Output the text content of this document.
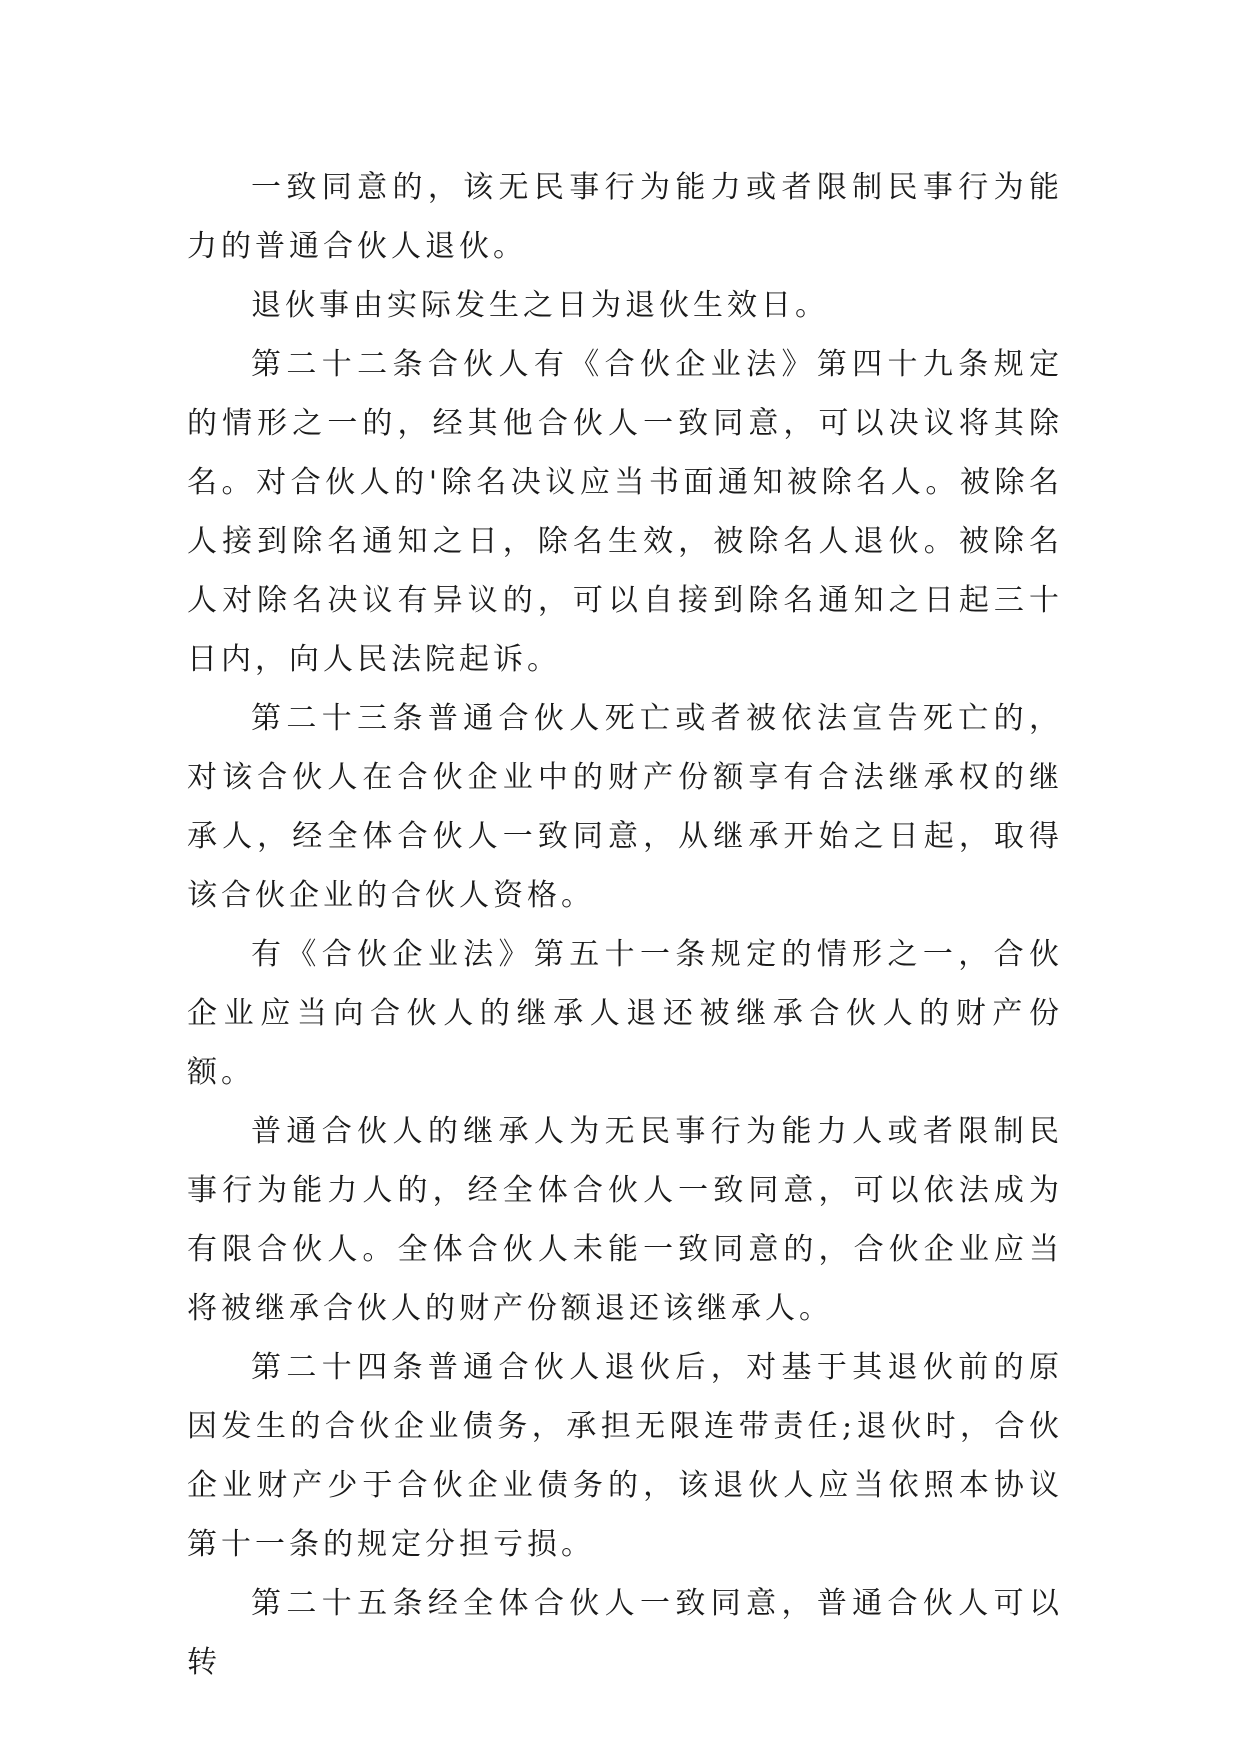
一致同意的，该无民事行为能力或者限制民事行为能力的普通合伙人退伙。

退伙事由实际发生之日为退伙生效日。

第二十二条合伙人有《合伙企业法》第四十九条规定的情形之一的，经其他合伙人一致同意，可以决议将其除名。对合伙人的'除名决议应当书面通知被除名人。被除名人接到除名通知之日，除名生效，被除名人退伙。被除名人对除名决议有异议的，可以自接到除名通知之日起三十日内，向人民法院起诉。

第二十三条普通合伙人死亡或者被依法宣告死亡的，对该合伙人在合伙企业中的财产份额享有合法继承权的继承人，经全体合伙人一致同意，从继承开始之日起，取得该合伙企业的合伙人资格。

有《合伙企业法》第五十一条规定的情形之一，合伙企业应当向合伙人的继承人退还被继承合伙人的财产份额。

普通合伙人的继承人为无民事行为能力人或者限制民事行为能力人的，经全体合伙人一致同意，可以依法成为有限合伙人。全体合伙人未能一致同意的，合伙企业应当将被继承合伙人的财产份额退还该继承人。

第二十四条普通合伙人退伙后，对基于其退伙前的原因发生的合伙企业债务，承担无限连带责任;退伙时，合伙企业财产少于合伙企业债务的，该退伙人应当依照本协议第十一条的规定分担亏损。

第二十五条经全体合伙人一致同意，普通合伙人可以转
